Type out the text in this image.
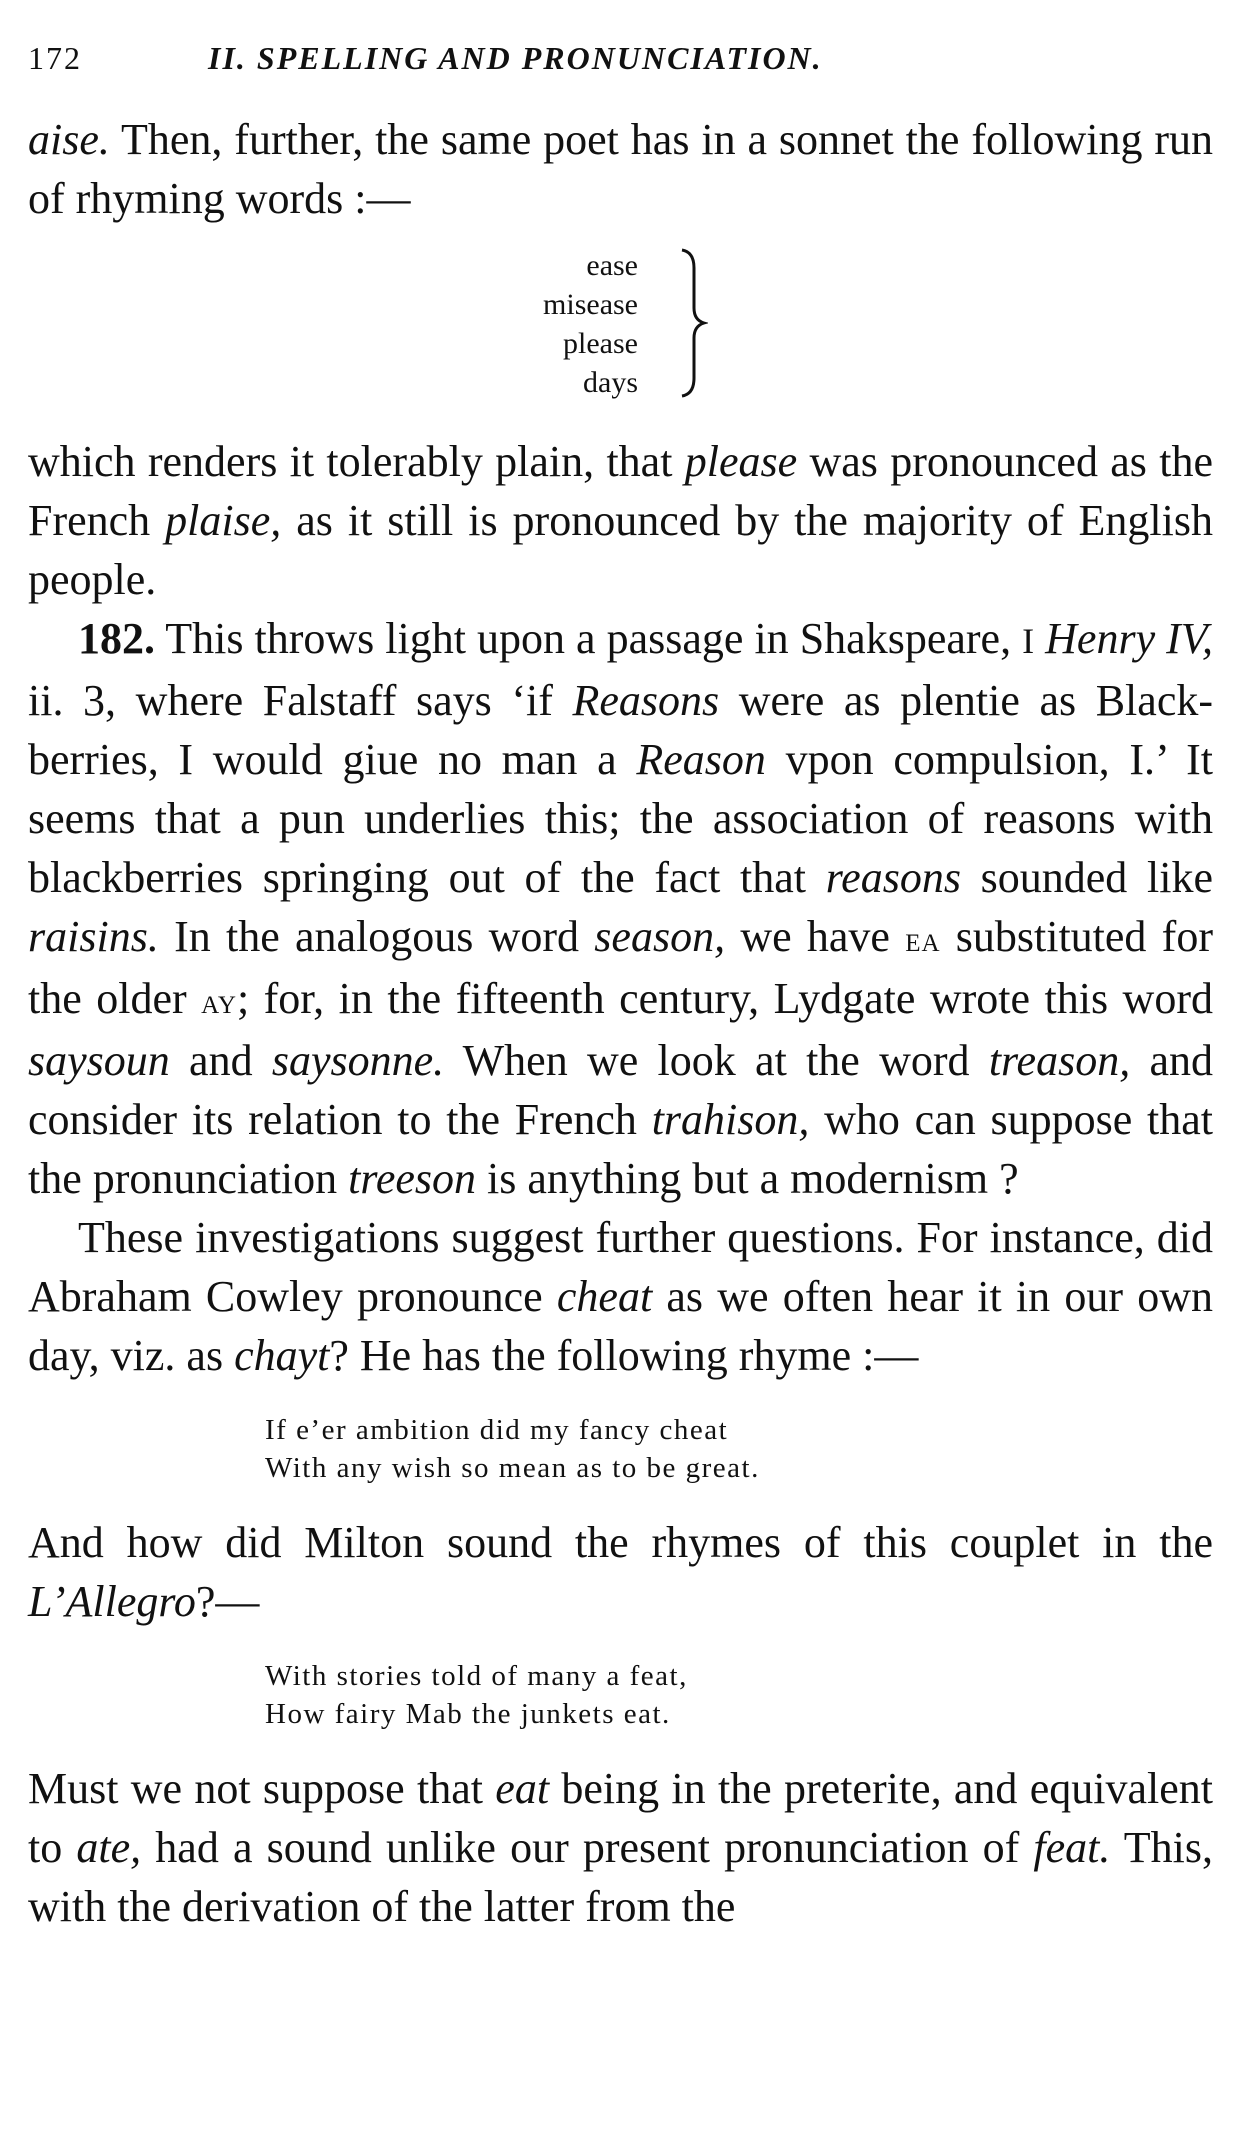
172	II. SPELLING AND PRONUNCIATION.

aise. Then, further, the same poet has in a sonnet the following run of rhyming words :—

ease
misease
please
days

which renders it tolerably plain, that please was pronounced as the French plaise, as it still is pronounced by the majority of English people.

182. This throws light upon a passage in Shakspeare, I Henry IV, ii. 3, where Falstaff says ‘if Reasons were as plentie as Black-berries, I would giue no man a Reason vpon compulsion, I.’ It seems that a pun underlies this; the association of reasons with blackberries springing out of the fact that reasons sounded like raisins. In the analogous word season, we have ea substituted for the older ay; for, in the fifteenth century, Lydgate wrote this word saysoun and saysonne. When we look at the word treason, and consider its relation to the French trahison, who can suppose that the pronunciation treeson is anything but a modernism ?

These investigations suggest further questions. For instance, did Abraham Cowley pronounce cheat as we often hear it in our own day, viz. as chayt? He has the following rhyme :—

If e’er ambition did my fancy cheat
With any wish so mean as to be great.

And how did Milton sound the rhymes of this couplet in the L’Allegro?—

With stories told of many a feat,
How fairy Mab the junkets eat.

Must we not suppose that eat being in the preterite, and equivalent to ate, had a sound unlike our present pronunciation of feat. This, with the derivation of the latter from the
